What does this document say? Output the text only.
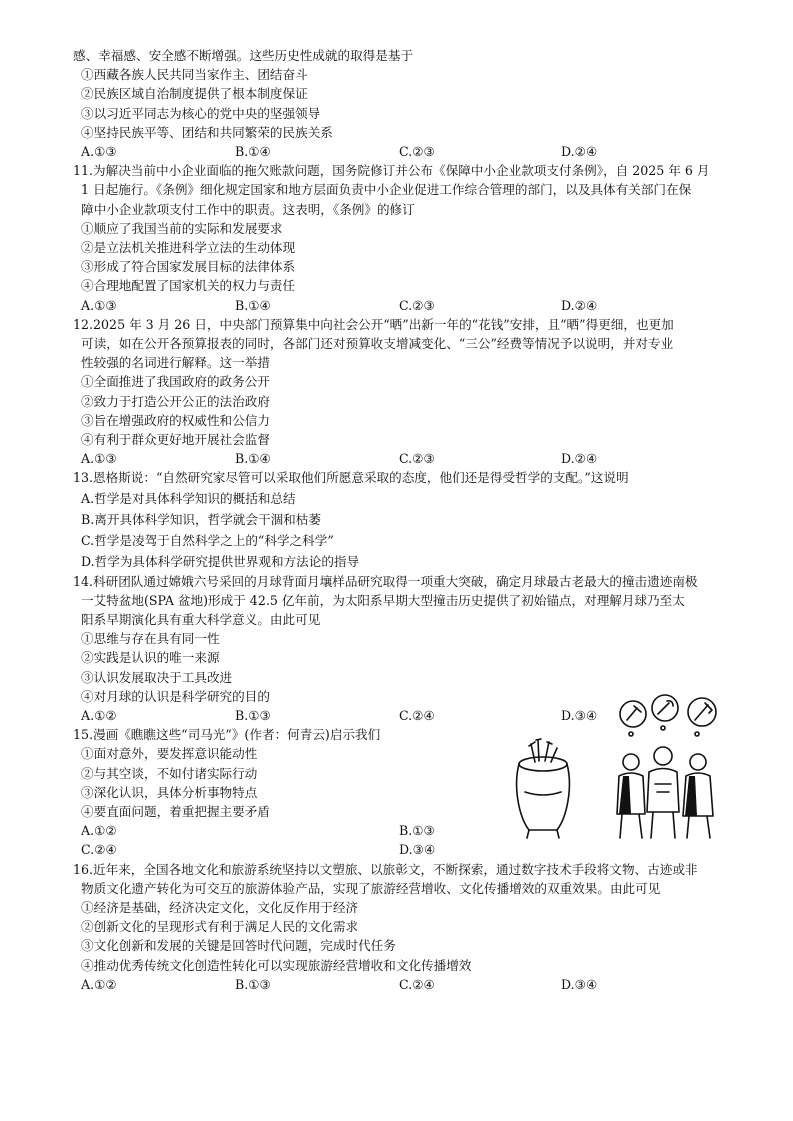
感、幸福感、安全感不断增强。这些历史性成就的取得是基于
①西藏各族人民共同当家作主、团结奋斗
②民族区域自治制度提供了根本制度保证
③以习近平同志为核心的党中央的坚强领导
④坚持民族平等、团结和共同繁荣的民族关系
A.①③	B.①④	C.②③	D.②④
11.为解决当前中小企业面临的拖欠账款问题，国务院修订并公布《保障中小企业款项支付条例》，自 2025 年 6 月
1 日起施行。《条例》细化规定国家和地方层面负责中小企业促进工作综合管理的部门，以及具体有关部门在保
障中小企业款项支付工作中的职责。这表明，《条例》的修订
①顺应了我国当前的实际和发展要求
②是立法机关推进科学立法的生动体现
③形成了符合国家发展目标的法律体系
④合理地配置了国家机关的权力与责任
A.①③	B.①④	C.②③	D.②④
12.2025 年 3 月 26 日，中央部门预算集中向社会公开“晒”出新一年的“花钱”安排，且“晒”得更细，也更加
可读，如在公开各预算报表的同时，各部门还对预算收支增减变化、“三公”经费等情况予以说明，并对专业
性较强的名词进行解释。这一举措
①全面推进了我国政府的政务公开
②致力于打造公开公正的法治政府
③旨在增强政府的权威性和公信力
④有利于群众更好地开展社会监督
A.①③	B.①④	C.②③	D.②④
13.恩格斯说：“自然研究家尽管可以采取他们所愿意采取的态度，他们还是得受哲学的支配。”这说明
A.哲学是对具体科学知识的概括和总结
B.离开具体科学知识，哲学就会干涸和枯萎
C.哲学是凌驾于自然科学之上的“科学之科学”
D.哲学为具体科学研究提供世界观和方法论的指导
14.科研团队通过嫦娥六号采回的月球背面月壤样品研究取得一项重大突破，确定月球最古老最大的撞击遗迹南极
一艾特盆地(SPA 盆地)形成于 42.5 亿年前，为太阳系早期大型撞击历史提供了初始锚点，对理解月球乃至太
阳系早期演化具有重大科学意义。由此可见
①思维与存在具有同一性
②实践是认识的唯一来源
③认识发展取决于工具改进
④对月球的认识是科学研究的目的
A.①②	B.①③	C.②④	D.③④
15.漫画《瞧瞧这些“司马光”》(作者：何青云)启示我们
①面对意外，要发挥意识能动性
②与其空谈，不如付诸实际行动
③深化认识，具体分析事物特点
④要直面问题，着重把握主要矛盾
A.①②	B.①③
C.②④	D.③④
16.近年来，全国各地文化和旅游系统坚持以文塑旅、以旅彰文，不断探索，通过数字技术手段将文物、古迹或非
物质文化遗产转化为可交互的旅游体验产品，实现了旅游经营增收、文化传播增效的双重效果。由此可见
①经济是基础，经济决定文化，文化反作用于经济
②创新文化的呈现形式有利于满足人民的文化需求
③文化创新和发展的关键是回答时代问题，完成时代任务
④推动优秀传统文化创造性转化可以实现旅游经营增收和文化传播增效
A.①②	B.①③	C.②④	D.③④
